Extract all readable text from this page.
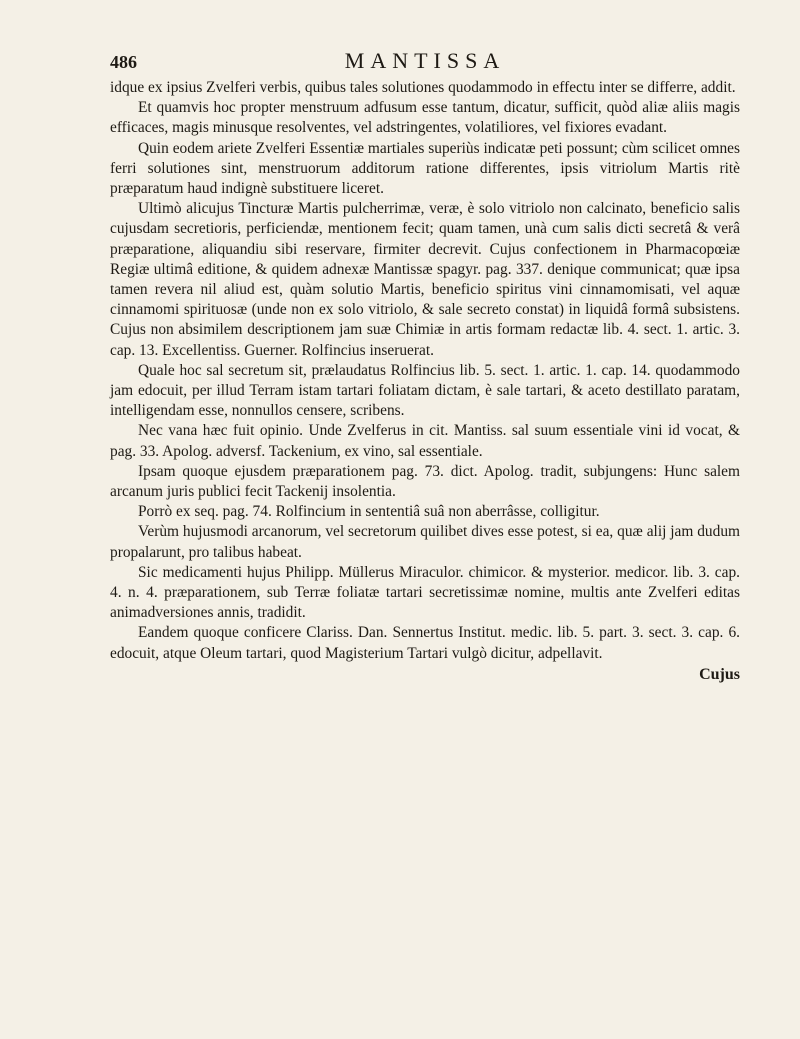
486	MANTISSA

idque ex ipsius Zvelferi verbis, quibus tales solutiones quodammodo in effectu inter se differre, addit.

Et quamvis hoc propter menstruum adfusum esse tantum, dicatur, sufficit, quòd aliæ aliis magis efficaces, magis minusque resolventes, vel adstringentes, volatiliores, vel fixiores evadant.

Quin eodem ariete Zvelferi Essentiæ martiales superiùs indicatæ peti possunt; cùm scilicet omnes ferri solutiones sint, menstruorum additorum ratione differentes, ipsis vitriolum Martis ritè præparatum haud indignè substituere liceret.

Ultimò alicujus Tincturæ Martis pulcherrimæ, veræ, è solo vitriolo non calcinato, beneficio salis cujusdam secretioris, perficiendæ, mentionem fecit; quam tamen, unà cum salis dicti secretâ & verâ præparatione, aliquandiu sibi reservare, firmiter decrevit. Cujus confectionem in Pharmacopœiæ Regiæ ultimâ editione, & quidem adnexæ Mantissæ spagyr. pag. 337. denique communicat; quæ ipsa tamen revera nil aliud est, quàm solutio Martis, beneficio spiritus vini cinnamomisati, vel aquæ cinnamomi spirituosæ (unde non ex solo vitriolo, & sale secreto constat) in liquidâ formâ subsistens. Cujus non absimilem descriptionem jam suæ Chimiæ in artis formam redactæ lib. 4. sect. 1. artic. 3. cap. 13. Excellentiss. Guerner. Rolfincius inseruerat.

Quale hoc sal secretum sit, prælaudatus Rolfincius lib. 5. sect. 1. artic. 1. cap. 14. quodammodo jam edocuit, per illud Terram istam tartari foliatam dictam, è sale tartari, & aceto destillato paratam, intelligendam esse, nonnullos censere, scribens.

Nec vana hæc fuit opinio. Unde Zvelferus in cit. Mantiss. sal suum essentiale vini id vocat, & pag. 33. Apolog. adversf. Tackenium, ex vino, sal essentiale.

Ipsam quoque ejusdem præparationem pag. 73. dict. Apolog. tradit, subjungens: Hunc salem arcanum juris publici fecit Tackenij insolentia.

Porrò ex seq. pag. 74. Rolfincium in sententiâ suâ non aberrâsse, colligitur.

Verùm hujusmodi arcanorum, vel secretorum quilibet dives esse potest, si ea, quæ alij jam dudum propalarunt, pro talibus habeat.

Sic medicamenti hujus Philipp. Müllerus Miraculor. chimicor. & mysterior. medicor. lib. 3. cap. 4. n. 4. præparationem, sub Terræ foliatæ tartari secretissimæ nomine, multis ante Zvelferi editas animadversiones annis, tradidit.

Eandem quoque conficere Clariss. Dan. Sennertus Institut. medic. lib. 5. part. 3. sect. 3. cap. 6. edocuit, atque Oleum tartari, quod Magisterium Tartari vulgò dicitur, adpellavit.

Cujus
